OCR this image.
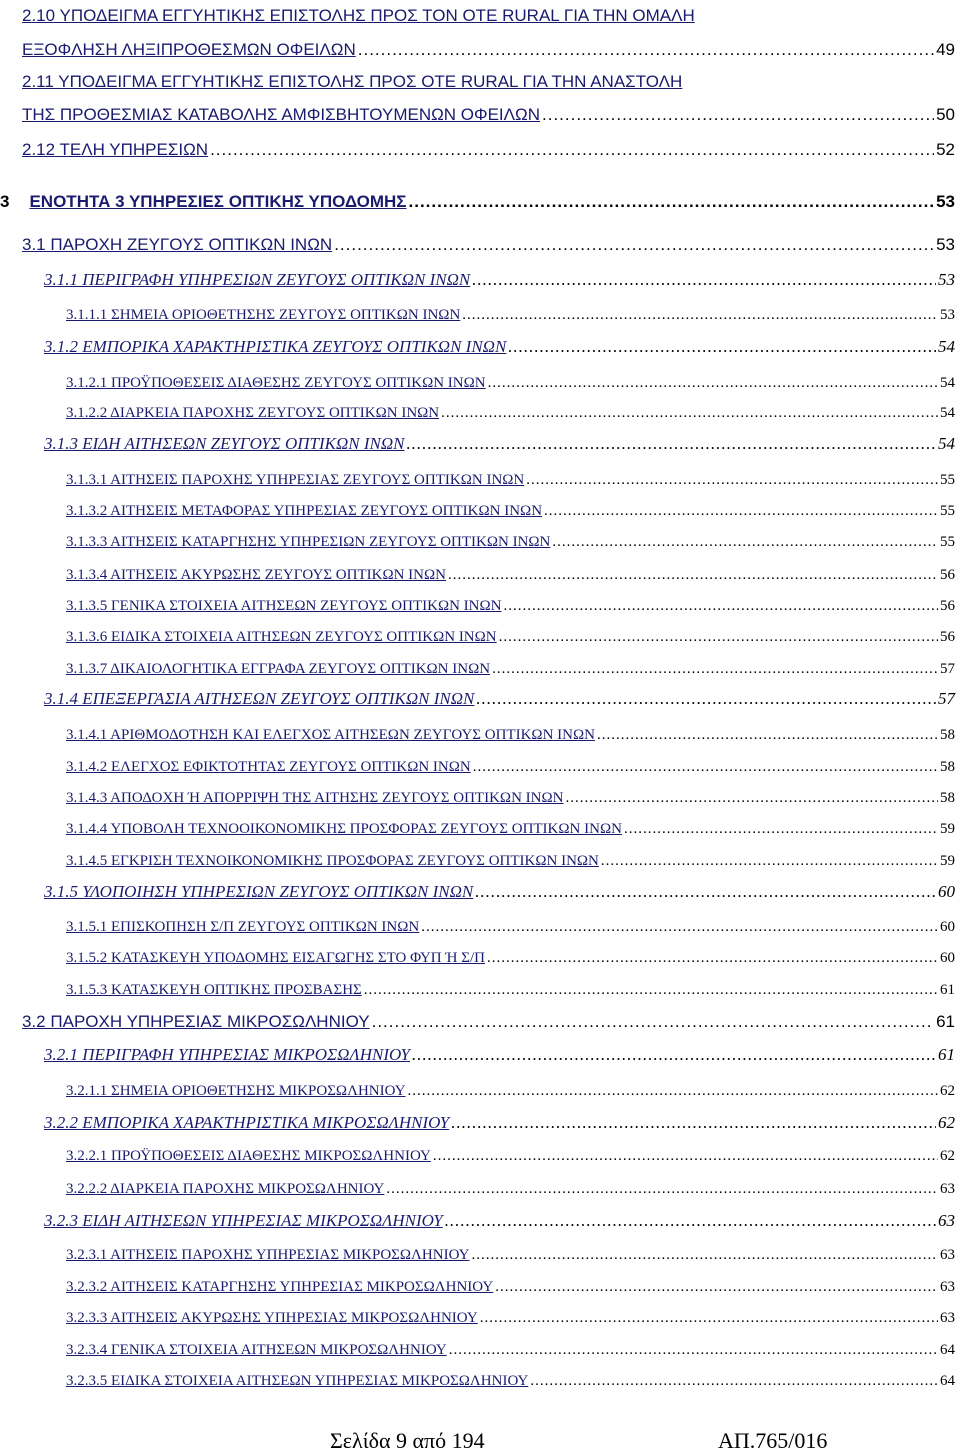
2.10 ΥΠΟΔΕΙΓΜΑ ΕΓΓΥΗΤΙΚΗΣ ΕΠΙΣΤΟΛΗΣ ΠΡΟΣ ΤΟΝ ΟΤΕ RURAL ΓΙΑ ΤΗΝ ΟΜΑΛΗ
ΕΞΟΦΛΗΣΗ ΛΗΞΙΠΡΟΘΕΣΜΩΝ ΟΦΕΙΛΩΝ .....	49
2.11 ΥΠΟΔΕΙΓΜΑ ΕΓΓΥΗΤΙΚΗΣ ΕΠΙΣΤΟΛΗΣ ΠΡΟΣ ΟΤΕ RURAL ΓΙΑ ΤΗΝ ΑΝΑΣΤΟΛΗ
ΤΗΣ ΠΡΟΘΕΣΜΙΑΣ ΚΑΤΑΒΟΛΗΣ ΑΜΦΙΣΒΗΤΟΥΜΕΝΩΝ ΟΦΕΙΛΩΝ .....	50
2.12 ΤΕΛΗ ΥΠΗΡΕΣΙΩΝ .....	52
3 ΕΝΟΤΗΤΑ 3 ΥΠΗΡΕΣΙΕΣ ΟΠΤΙΚΗΣ ΥΠΟΔΟΜΗΣ .....	53
3.1 ΠΑΡΟΧΗ ΖΕΥΓΟΥΣ ΟΠΤΙΚΩΝ ΙΝΩΝ .....	53
3.1.1 ΠΕΡΙΓΡΑΦΗ ΥΠΗΡΕΣΙΩΝ ΖΕΥΓΟΥΣ ΟΠΤΙΚΩΝ ΙΝΩΝ .....	53
3.1.1.1 ΣΗΜΕΙΑ ΟΡΙΟΘΕΤΗΣΗΣ ΖΕΥΓΟΥΣ ΟΠΤΙΚΩΝ ΙΝΩΝ .....	53
3.1.2 ΕΜΠΟΡΙΚΑ ΧΑΡΑΚΤΗΡΙΣΤΙΚΑ ΖΕΥΓΟΥΣ ΟΠΤΙΚΩΝ ΙΝΩΝ .....	54
3.1.2.1 ΠΡΟΫΠΟΘΕΣΕΙΣ ΔΙΑΘΕΣΗΣ ΖΕΥΓΟΥΣ ΟΠΤΙΚΩΝ ΙΝΩΝ .....	54
3.1.2.2 ΔΙΑΡΚΕΙΑ ΠΑΡΟΧΗΣ ΖΕΥΓΟΥΣ ΟΠΤΙΚΩΝ ΙΝΩΝ .....	54
3.1.3 ΕΙΔΗ ΑΙΤΗΣΕΩΝ ΖΕΥΓΟΥΣ ΟΠΤΙΚΩΝ ΙΝΩΝ .....	54
3.1.3.1 ΑΙΤΗΣΕΙΣ ΠΑΡΟΧΗΣ ΥΠΗΡΕΣΙΑΣ ΖΕΥΓΟΥΣ ΟΠΤΙΚΩΝ ΙΝΩΝ .....	55
3.1.3.2 ΑΙΤΗΣΕΙΣ ΜΕΤΑΦΟΡΑΣ ΥΠΗΡΕΣΙΑΣ ΖΕΥΓΟΥΣ ΟΠΤΙΚΩΝ ΙΝΩΝ .....	55
3.1.3.3 ΑΙΤΗΣΕΙΣ ΚΑΤΑΡΓΗΣΗΣ ΥΠΗΡΕΣΙΩΝ ΖΕΥΓΟΥΣ ΟΠΤΙΚΩΝ ΙΝΩΝ .....	55
3.1.3.4 ΑΙΤΗΣΕΙΣ ΑΚΥΡΩΣΗΣ ΖΕΥΓΟΥΣ ΟΠΤΙΚΩΝ ΙΝΩΝ .....	56
3.1.3.5 ΓΕΝΙΚΑ ΣΤΟΙΧΕΙΑ ΑΙΤΗΣΕΩΝ ΖΕΥΓΟΥΣ ΟΠΤΙΚΩΝ ΙΝΩΝ .....	56
3.1.3.6 ΕΙΔΙΚΑ ΣΤΟΙΧΕΙΑ ΑΙΤΗΣΕΩΝ ΖΕΥΓΟΥΣ ΟΠΤΙΚΩΝ ΙΝΩΝ .....	56
3.1.3.7 ΔΙΚΑΙΟΛΟΓΗΤΙΚΑ ΕΓΓΡΑΦΑ ΖΕΥΓΟΥΣ ΟΠΤΙΚΩΝ ΙΝΩΝ .....	57
3.1.4 ΕΠΕΞΕΡΓΑΣΙΑ ΑΙΤΗΣΕΩΝ ΖΕΥΓΟΥΣ ΟΠΤΙΚΩΝ ΙΝΩΝ .....	57
3.1.4.1 ΑΡΙΘΜΟΔΟΤΗΣΗ ΚΑΙ ΕΛΕΓΧΟΣ ΑΙΤΗΣΕΩΝ ΖΕΥΓΟΥΣ ΟΠΤΙΚΩΝ ΙΝΩΝ .....	58
3.1.4.2 ΕΛΕΓΧΟΣ ΕΦΙΚΤΟΤΗΤΑΣ ΖΕΥΓΟΥΣ ΟΠΤΙΚΩΝ ΙΝΩΝ .....	58
3.1.4.3 ΑΠΟΔΟΧΗ Ή ΑΠΟΡΡΙΨΗ ΤΗΣ ΑΙΤΗΣΗΣ ΖΕΥΓΟΥΣ ΟΠΤΙΚΩΝ ΙΝΩΝ .....	58
3.1.4.4 ΥΠΟΒΟΛΗ ΤΕΧΝΟΟΙΚΟΝΟΜΙΚΗΣ ΠΡΟΣΦΟΡΑΣ ΖΕΥΓΟΥΣ ΟΠΤΙΚΩΝ ΙΝΩΝ .....	59
3.1.4.5 ΕΓΚΡΙΣΗ ΤΕΧΝΟΙΚΟΝΟΜΙΚΗΣ ΠΡΟΣΦΟΡΑΣ ΖΕΥΓΟΥΣ ΟΠΤΙΚΩΝ ΙΝΩΝ .....	59
3.1.5 ΥΛΟΠΟΙΗΣΗ ΥΠΗΡΕΣΙΩΝ ΖΕΥΓΟΥΣ ΟΠΤΙΚΩΝ ΙΝΩΝ .....	60
3.1.5.1 ΕΠΙΣΚΟΠΗΣΗ Σ/Π ΖΕΥΓΟΥΣ ΟΠΤΙΚΩΝ ΙΝΩΝ .....	60
3.1.5.2 ΚΑΤΑΣΚΕΥΗ ΥΠΟΔΟΜΗΣ ΕΙΣΑΓΩΓΗΣ ΣΤΟ ΦΥΠ Ή Σ/Π .....	60
3.1.5.3 ΚΑΤΑΣΚΕΥΗ ΟΠΤΙΚΗΣ ΠΡΟΣΒΑΣΗΣ .....	61
3.2 ΠΑΡΟΧΗ ΥΠΗΡΕΣΙΑΣ ΜΙΚΡΟΣΩΛΗΝΙΟΥ .....	61
3.2.1 ΠΕΡΙΓΡΑΦΗ ΥΠΗΡΕΣΙΑΣ ΜΙΚΡΟΣΩΛΗΝΙΟΥ .....	61
3.2.1.1 ΣΗΜΕΙΑ ΟΡΙΟΘΕΤΗΣΗΣ ΜΙΚΡΟΣΩΛΗΝΙΟΥ .....	62
3.2.2 ΕΜΠΟΡΙΚΑ ΧΑΡΑΚΤΗΡΙΣΤΙΚΑ ΜΙΚΡΟΣΩΛΗΝΙΟΥ .....	62
3.2.2.1 ΠΡΟΫΠΟΘΕΣΕΙΣ ΔΙΑΘΕΣΗΣ ΜΙΚΡΟΣΩΛΗΝΙΟΥ .....	62
3.2.2.2 ΔΙΑΡΚΕΙΑ ΠΑΡΟΧΗΣ ΜΙΚΡΟΣΩΛΗΝΙΟΥ .....	63
3.2.3 ΕΙΔΗ ΑΙΤΗΣΕΩΝ ΥΠΗΡΕΣΙΑΣ ΜΙΚΡΟΣΩΛΗΝΙΟΥ .....	63
3.2.3.1 ΑΙΤΗΣΕΙΣ ΠΑΡΟΧΗΣ ΥΠΗΡΕΣΙΑΣ ΜΙΚΡΟΣΩΛΗΝΙΟΥ .....	63
3.2.3.2 ΑΙΤΗΣΕΙΣ ΚΑΤΑΡΓΗΣΗΣ ΥΠΗΡΕΣΙΑΣ ΜΙΚΡΟΣΩΛΗΝΙΟΥ .....	63
3.2.3.3 ΑΙΤΗΣΕΙΣ ΑΚΥΡΩΣΗΣ ΥΠΗΡΕΣΙΑΣ ΜΙΚΡΟΣΩΛΗΝΙΟΥ .....	63
3.2.3.4 ΓΕΝΙΚΑ ΣΤΟΙΧΕΙΑ ΑΙΤΗΣΕΩΝ ΜΙΚΡΟΣΩΛΗΝΙΟΥ .....	64
3.2.3.5 ΕΙΔΙΚΑ ΣΤΟΙΧΕΙΑ ΑΙΤΗΣΕΩΝ ΥΠΗΡΕΣΙΑΣ ΜΙΚΡΟΣΩΛΗΝΙΟΥ .....	64
Σελίδα 9 από 194	ΑΠ.765/016
